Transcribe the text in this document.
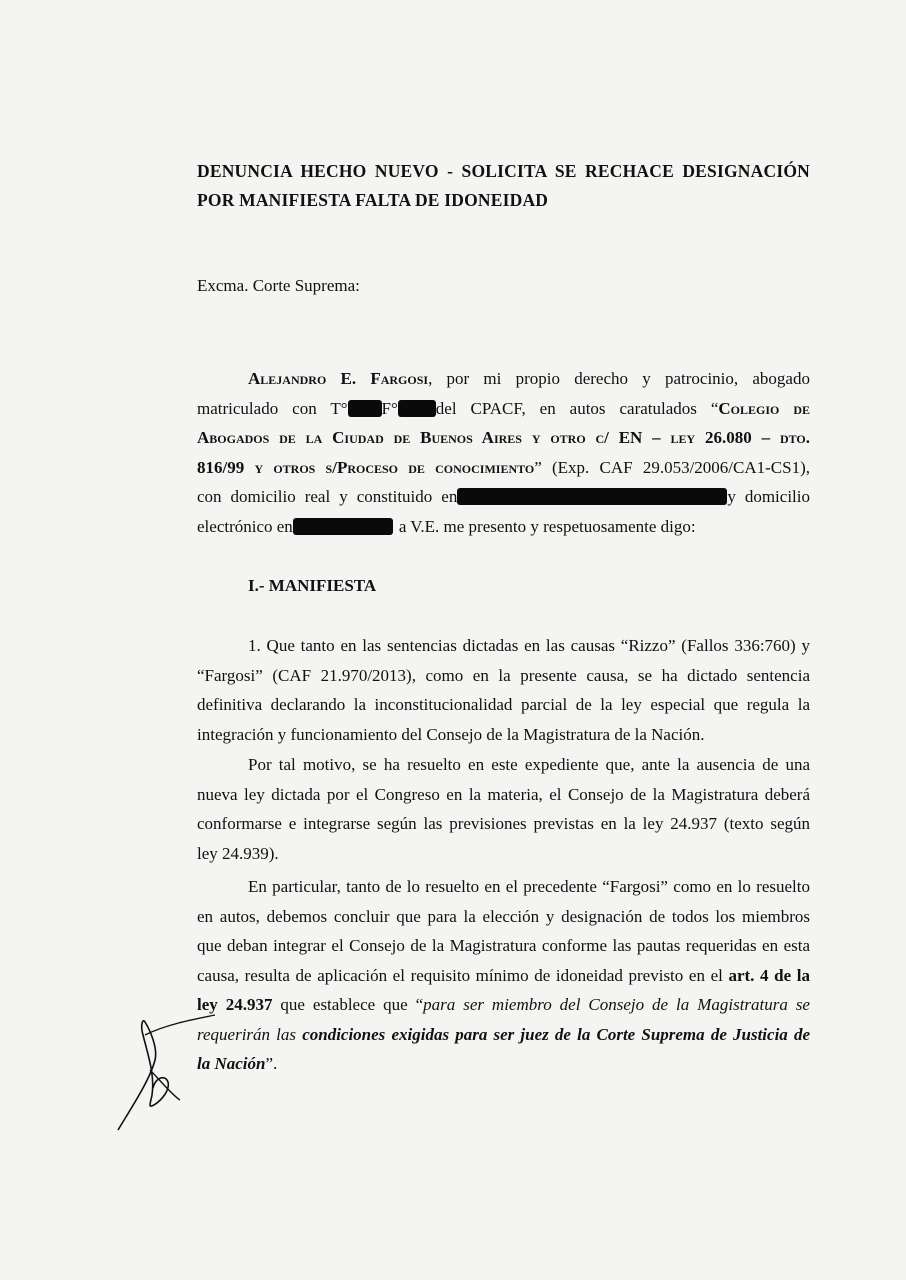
DENUNCIA HECHO NUEVO - SOLICITA SE RECHACE DESIGNACIÓN
POR MANIFIESTA FALTA DE IDONEIDAD
Excma. Corte Suprema:
Alejandro E. Fargosi, por mi propio derecho y patrocinio, abogado
matriculado con T° F° del CPACF, en autos caratulados “Colegio de
Abogados de la Ciudad de Buenos Aires y otro c/ EN – ley 26.080 – dto.
816/99 y otros s/Proceso de conocimiento” (Exp. CAF 29.053/2006/CA1-CS1),
con domicilio real y constituido en	y domicilio
electrónico en	a V.E. me presento y respetuosamente digo:
I.- MANIFIESTA
1. Que tanto en las sentencias dictadas en las causas “Rizzo” (Fallos 336:760) y
“Fargosi” (CAF 21.970/2013), como en la presente causa, se ha dictado sentencia
definitiva declarando la inconstitucionalidad parcial de la ley especial que regula la
integración y funcionamiento del Consejo de la Magistratura de la Nación.
Por tal motivo, se ha resuelto en este expediente que, ante la ausencia de una
nueva ley dictada por el Congreso en la materia, el Consejo de la Magistratura deberá
conformarse e integrarse según las previsiones previstas en la ley 24.937 (texto según
ley 24.939).
En particular, tanto de lo resuelto en el precedente “Fargosi” como en lo resuelto
en autos, debemos concluir que para la elección y designación de todos los miembros
que deban integrar el Consejo de la Magistratura conforme las pautas requeridas en esta
causa, resulta de aplicación el requisito mínimo de idoneidad previsto en el art. 4 de la
ley 24.937 que establece que “para ser miembro del Consejo de la Magistratura se
requerirán las condiciones exigidas para ser juez de la Corte Suprema de Justicia de
la Nación”.
